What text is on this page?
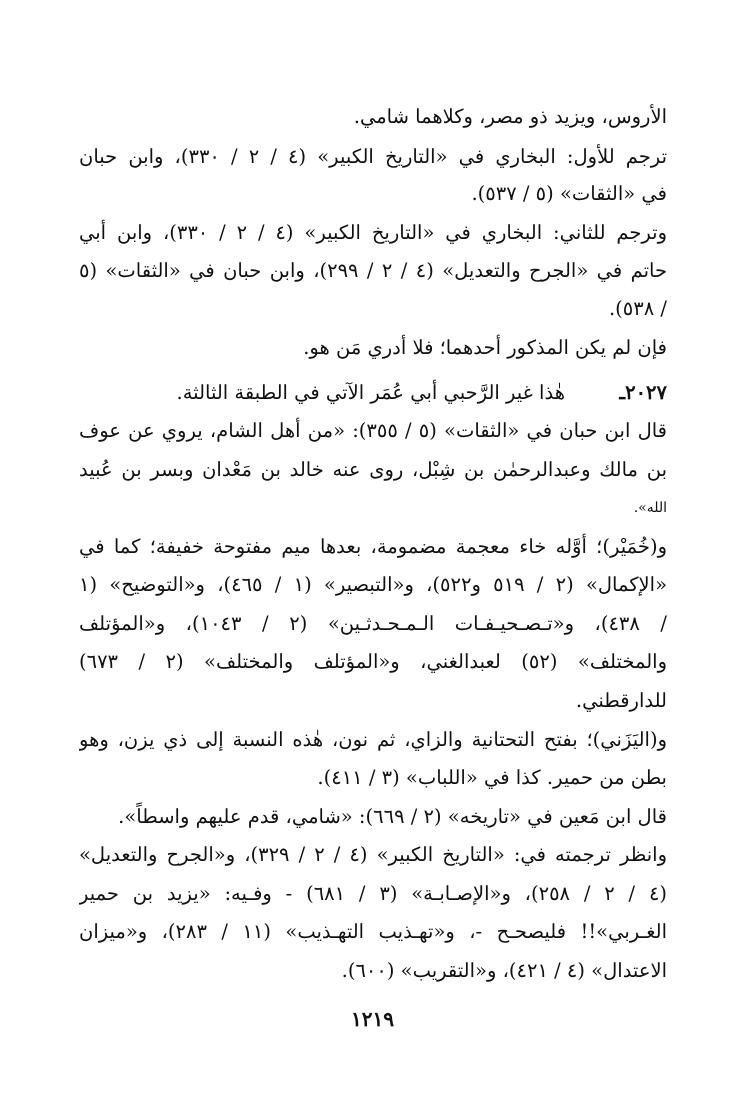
الأروس، ويزيد ذو مصر، وكلاهما شامي.
ترجم للأول: البخاري في «التاريخ الكبير» (٤ / ٢ / ٣٣٠)، وابن حبان
في «الثقات» (٥ / ٥٣٧).
وترجم للثاني: البخاري في «التاريخ الكبير» (٤ / ٢ / ٣٣٠)، وابن أبي
حاتم في «الجرح والتعديل» (٤ / ٢ / ٢٩٩)، وابن حبان في «الثقات» (٥
/ ٥٣٨).
فإن لم يكن المذكور أحدهما؛ فلا أدري مَن هو.
٢٠٢٧ـ
هٰذا غير الرَّحبي أبي عُمَر الآتي في الطبقة الثالثة.
قال ابن حبان في «الثقات» (٥ / ٣٥٥): «من أهل الشام، يروي عن عوف
بن مالك وعبدالرحمٰن بن شِبْل، روى عنه خالد بن مَعْدان وبسر بن عُبيد
الله».
و(خُمَيْر)؛ أوَّله خاء معجمة مضمومة، بعدها ميم مفتوحة خفيفة؛ كما في
«الإكمال» (٢ / ٥١٩ و٥٢٢)، و«التبصير» (١ / ٤٦٥)، و«التوضيح» (١
/ ٤٣٨)، و«تـصـحيـفـات الـمـحـدثـين» (٢ / ١٠٤٣)، و«المؤتلف
والمختلف» (٥٢) لعبدالغني، و«المؤتلف والمختلف» (٢ / ٦٧٣)
للدارقطني.
و(اليَزَني)؛ بفتح التحتانية والزاي، ثم نون، هٰذه النسبة إلى ذي يزن، وهو
بطن من حمير. كذا في «اللباب» (٣ / ٤١١).
قال ابن مَعين في «تاريخه» (٢ / ٦٦٩): «شامي، قدم عليهم واسطاً».
وانظر ترجمته في: «التاريخ الكبير» (٤ / ٢ / ٣٢٩)، و«الجرح والتعديل»
(٤ / ٢ / ٢٥٨)، و«الإصـابـة» (٣ / ٦٨١) - وفـيه: «يزيد بن حمير
الغـربي»!! فليصحـح -، و«تهـذيب التهـذيب» (١١ / ٢٨٣)، و«ميزان
الاعتدال» (٤ / ٤٢١)، و«التقريب» (٦٠٠).
١٢١٩
